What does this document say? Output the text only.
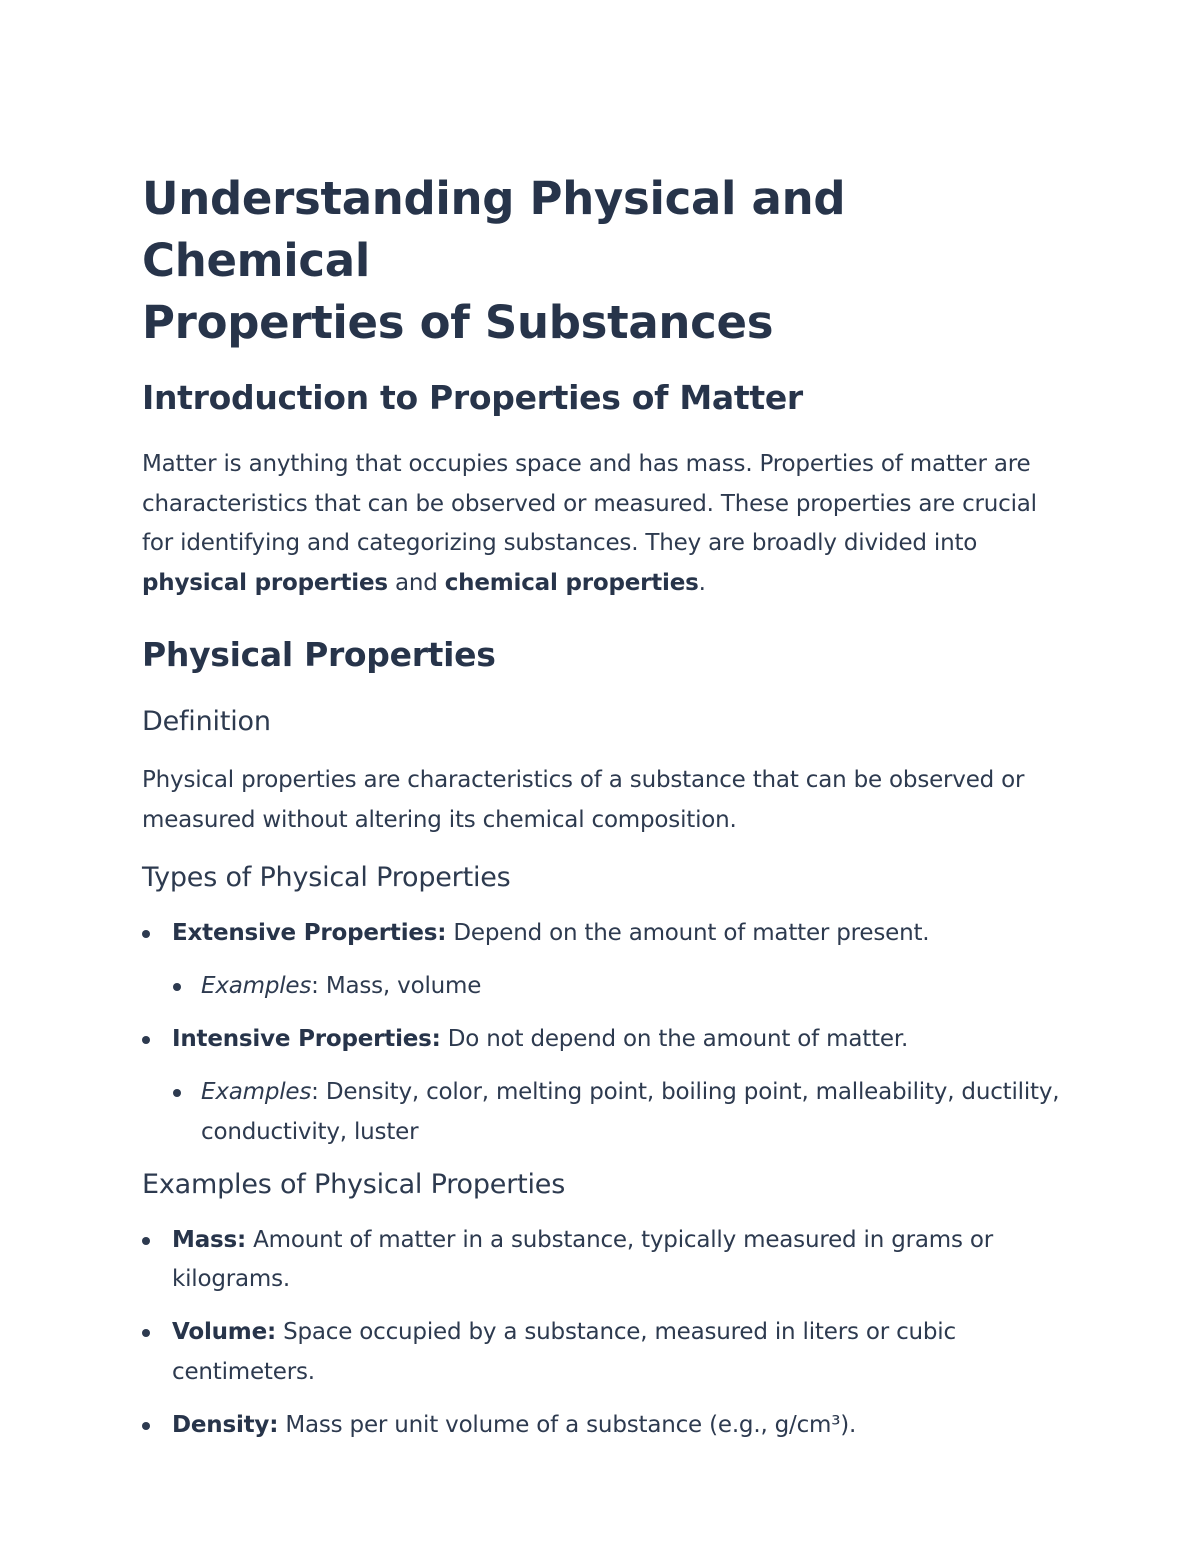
Understanding Physical and Chemical
Properties of Substances
Introduction to Properties of Matter

Matter is anything that occupies space and has mass. Properties of matter are characteristics that can be observed or measured. These properties are crucial for identifying and categorizing substances. They are broadly divided into physical properties and chemical properties.

Physical Properties
Definition

Physical properties are characteristics of a substance that can be observed or measured without altering its chemical composition.

Types of Physical Properties
Extensive Properties: Depend on the amount of matter present.
Examples: Mass, volume
Intensive Properties: Do not depend on the amount of matter.
Examples: Density, color, melting point, boiling point, malleability, ductility, conductivity, luster
Examples of Physical Properties
Mass: Amount of matter in a substance, typically measured in grams or kilograms.
Volume: Space occupied by a substance, measured in liters or cubic centimeters.
Density: Mass per unit volume of a substance (e.g., g/cm³).
